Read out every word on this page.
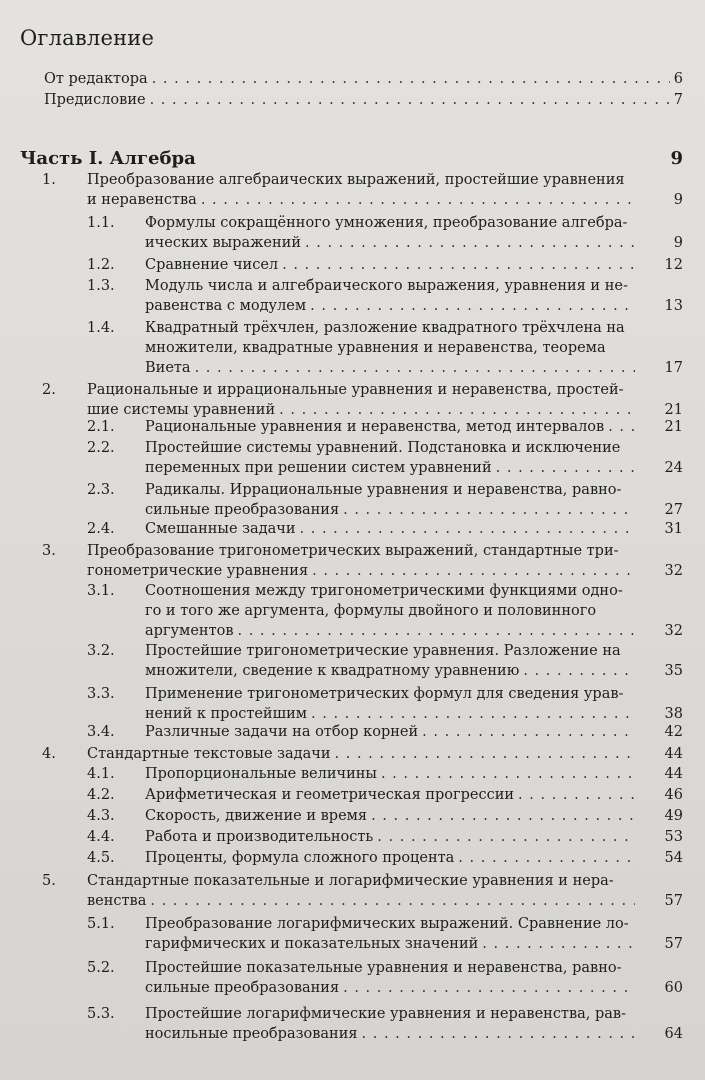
Оглавление
От редактора . . .	6
Предисловие . . .	7
Часть I. Алгебра	9
1. Преобразование алгебраических выражений, простейшие уравнения
и неравенства . . .	9
1.1. Формулы сокращённого умножения, преобразование алгебра-
ических выражений . . .	9
1.2. Сравнение чисел . . .	12
1.3. Модуль числа и алгебраического выражения, уравнения и не-
равенства с модулем . . .	13
1.4. Квадратный трёхчлен, разложение квадратного трёхчлена на
множители, квадратные уравнения и неравенства, теорема
Виета . . .	17
2. Рациональные и иррациональные уравнения и неравенства, простей-
шие системы уравнений . . .	21
2.1. Рациональные уравнения и неравенства, метод интервалов . . .	21
2.2. Простейшие системы уравнений. Подстановка и исключение
переменных при решении систем уравнений . . .	24
2.3. Радикалы. Иррациональные уравнения и неравенства, равно-
сильные преобразования . . .	27
2.4. Смешанные задачи . . .	31
3. Преобразование тригонометрических выражений, стандартные три-
гонометрические уравнения . . .	32
3.1. Соотношения между тригонометрическими функциями одно-
го и того же аргумента, формулы двойного и половинного
аргументов . . .	32
3.2. Простейшие тригонометрические уравнения. Разложение на
множители, сведение к квадратному уравнению . . .	35
3.3. Применение тригонометрических формул для сведения урав-
нений к простейшим . . .	38
3.4. Различные задачи на отбор корней . . .	42
4. Стандартные текстовые задачи . . .	44
4.1. Пропорциональные величины . . .	44
4.2. Арифметическая и геометрическая прогрессии . . .	46
4.3. Скорость, движение и время . . .	49
4.4. Работа и производительность . . .	53
4.5. Проценты, формула сложного процента . . .	54
5. Стандартные показательные и логарифмические уравнения и нера-
венства . . .	57
5.1. Преобразование логарифмических выражений. Сравнение ло-
гарифмических и показательных значений . . .	57
5.2. Простейшие показательные уравнения и неравенства, равно-
сильные преобразования . . .	60
5.3. Простейшие логарифмические уравнения и неравенства, рав-
носильные преобразования . . .	64
